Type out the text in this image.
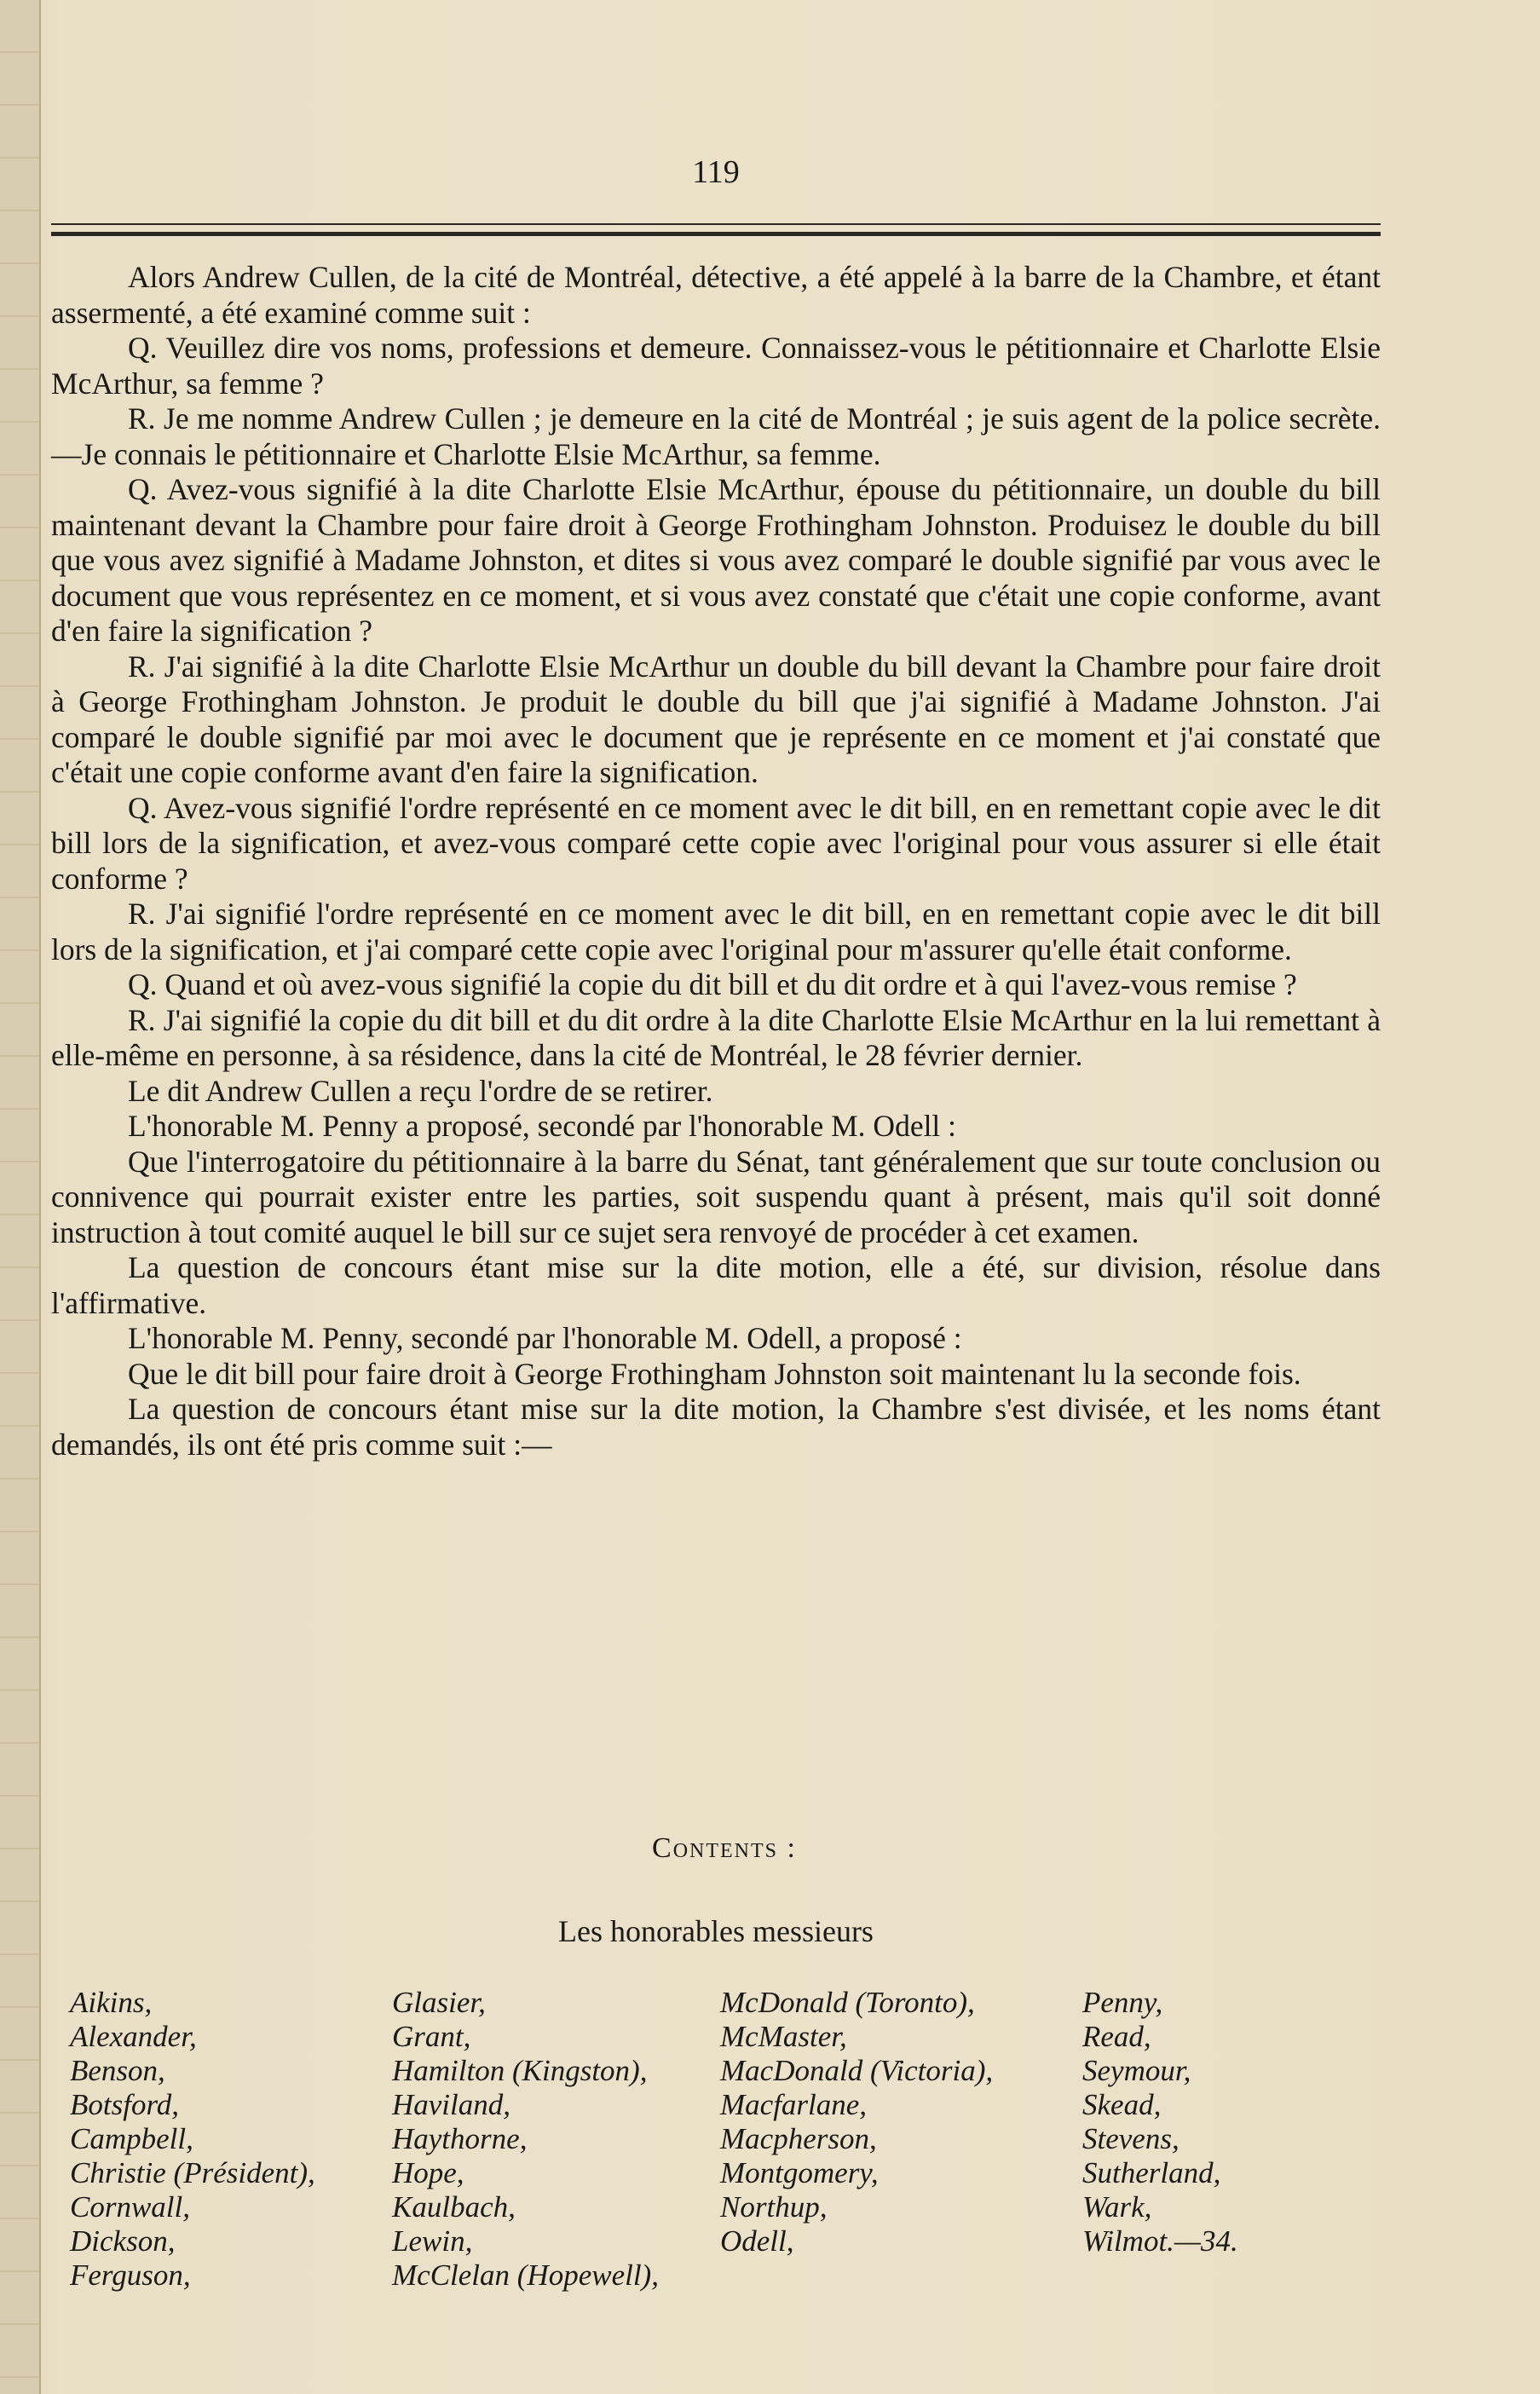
119

Alors Andrew Cullen, de la cité de Montréal, détective, a été appelé à la barre de la Chambre, et étant assermenté, a été examiné comme suit :

Q. Veuillez dire vos noms, professions et demeure. Connaissez-vous le pétitionnaire et Charlotte Elsie McArthur, sa femme ?

R. Je me nomme Andrew Cullen ; je demeure en la cité de Montréal ; je suis agent de la police secrète.—Je connais le pétitionnaire et Charlotte Elsie McArthur, sa femme.

Q. Avez-vous signifié à la dite Charlotte Elsie McArthur, épouse du pétitionnaire, un double du bill maintenant devant la Chambre pour faire droit à George Frothingham Johnston. Produisez le double du bill que vous avez signifié à Madame Johnston, et dites si vous avez comparé le double signifié par vous avec le document que vous représentez en ce moment, et si vous avez constaté que c'était une copie conforme, avant d'en faire la signification ?

R. J'ai signifié à la dite Charlotte Elsie McArthur un double du bill devant la Chambre pour faire droit à George Frothingham Johnston. Je produit le double du bill que j'ai signifié à Madame Johnston. J'ai comparé le double signifié par moi avec le document que je représente en ce moment et j'ai constaté que c'était une copie conforme avant d'en faire la signification.

Q. Avez-vous signifié l'ordre représenté en ce moment avec le dit bill, en en remettant copie avec le dit bill lors de la signification, et avez-vous comparé cette copie avec l'original pour vous assurer si elle était conforme ?

R. J'ai signifié l'ordre représenté en ce moment avec le dit bill, en en remettant copie avec le dit bill lors de la signification, et j'ai comparé cette copie avec l'original pour m'assurer qu'elle était conforme.

Q. Quand et où avez-vous signifié la copie du dit bill et du dit ordre et à qui l'avez-vous remise ?

R. J'ai signifié la copie du dit bill et du dit ordre à la dite Charlotte Elsie McArthur en la lui remettant à elle-même en personne, à sa résidence, dans la cité de Montréal, le 28 février dernier.

Le dit Andrew Cullen a reçu l'ordre de se retirer.

L'honorable M. Penny a proposé, secondé par l'honorable M. Odell :

Que l'interrogatoire du pétitionnaire à la barre du Sénat, tant généralement que sur toute conclusion ou connivence qui pourrait exister entre les parties, soit suspendu quant à présent, mais qu'il soit donné instruction à tout comité auquel le bill sur ce sujet sera renvoyé de procéder à cet examen.

La question de concours étant mise sur la dite motion, elle a été, sur division, résolue dans l'affirmative.

L'honorable M. Penny, secondé par l'honorable M. Odell, a proposé :

Que le dit bill pour faire droit à George Frothingham Johnston soit maintenant lu la seconde fois.

La question de concours étant mise sur la dite motion, la Chambre s'est divisée, et les noms étant demandés, ils ont été pris comme suit :—

Contents :
Les honorables messieurs
Aikins,
Alexander,
Benson,
Botsford,
Campbell,
Christie (Président),
Cornwall,
Dickson,
Ferguson,
Glasier,
Grant,
Hamilton (Kingston),
Haviland,
Haythorne,
Hope,
Kaulbach,
Lewin,
McClelan (Hopewell),
McDonald (Toronto),
McMaster,
MacDonald (Victoria),
Macfarlane,
Macpherson,
Montgomery,
Northup,
Odell,
Penny,
Read,
Seymour,
Skead,
Stevens,
Sutherland,
Wark,
Wilmot.—34.
